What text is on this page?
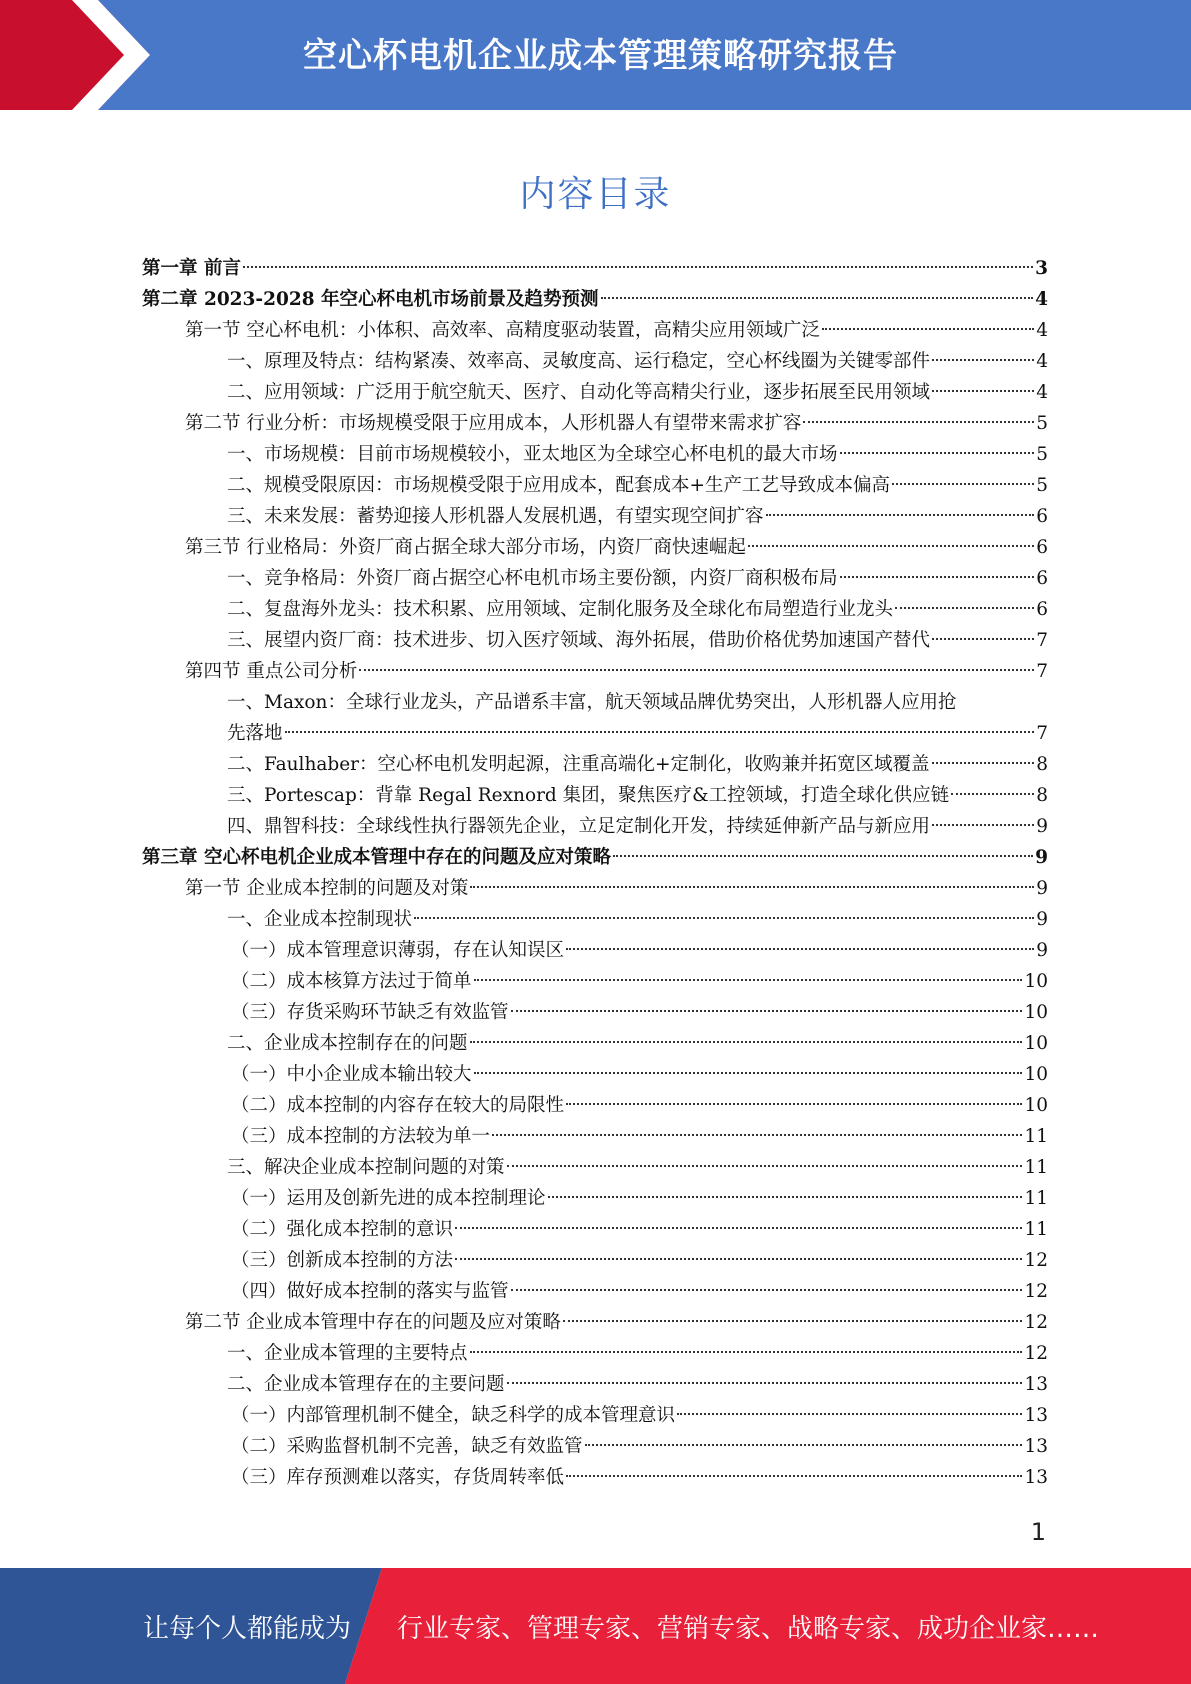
空心杯电机企业成本管理策略研究报告
内容目录
第一章 前言	3
第二章 2023-2028 年空心杯电机市场前景及趋势预测	4
第一节 空心杯电机：小体积、高效率、高精度驱动装置，高精尖应用领域广泛	4
一、原理及特点：结构紧凑、效率高、灵敏度高、运行稳定，空心杯线圈为关键零部件	4
二、应用领域：广泛用于航空航天、医疗、自动化等高精尖行业，逐步拓展至民用领域	4
第二节 行业分析：市场规模受限于应用成本，人形机器人有望带来需求扩容	5
一、市场规模：目前市场规模较小，亚太地区为全球空心杯电机的最大市场	5
二、规模受限原因：市场规模受限于应用成本，配套成本+生产工艺导致成本偏高	5
三、未来发展：蓄势迎接人形机器人发展机遇，有望实现空间扩容	6
第三节 行业格局：外资厂商占据全球大部分市场，内资厂商快速崛起	6
一、竞争格局：外资厂商占据空心杯电机市场主要份额，内资厂商积极布局	6
二、复盘海外龙头：技术积累、应用领域、定制化服务及全球化布局塑造行业龙头	6
三、展望内资厂商：技术进步、切入医疗领域、海外拓展，借助价格优势加速国产替代	7
第四节 重点公司分析	7
一、Maxon：全球行业龙头，产品谱系丰富，航天领域品牌优势突出，人形机器人应用抢
先落地	7
二、Faulhaber：空心杯电机发明起源，注重高端化+定制化，收购兼并拓宽区域覆盖	8
三、Portescap：背靠 Regal Rexnord 集团，聚焦医疗&工控领域，打造全球化供应链	8
四、鼎智科技：全球线性执行器领先企业，立足定制化开发，持续延伸新产品与新应用	9
第三章 空心杯电机企业成本管理中存在的问题及应对策略	9
第一节 企业成本控制的问题及对策	9
一、企业成本控制现状	9
（一）成本管理意识薄弱，存在认知误区	9
（二）成本核算方法过于简单	10
（三）存货采购环节缺乏有效监管	10
二、企业成本控制存在的问题	10
（一）中小企业成本输出较大	10
（二）成本控制的内容存在较大的局限性	10
（三）成本控制的方法较为单一	11
三、解决企业成本控制问题的对策	11
（一）运用及创新先进的成本控制理论	11
（二）强化成本控制的意识	11
（三）创新成本控制的方法	12
（四）做好成本控制的落实与监管	12
第二节 企业成本管理中存在的问题及应对策略	12
一、企业成本管理的主要特点	12
二、企业成本管理存在的主要问题	13
（一）内部管理机制不健全，缺乏科学的成本管理意识	13
（二）采购监督机制不完善，缺乏有效监管	13
（三）库存预测难以落实，存货周转率低	13
1
让每个人都能成为 行业专家、管理专家、营销专家、战略专家、成功企业家……
